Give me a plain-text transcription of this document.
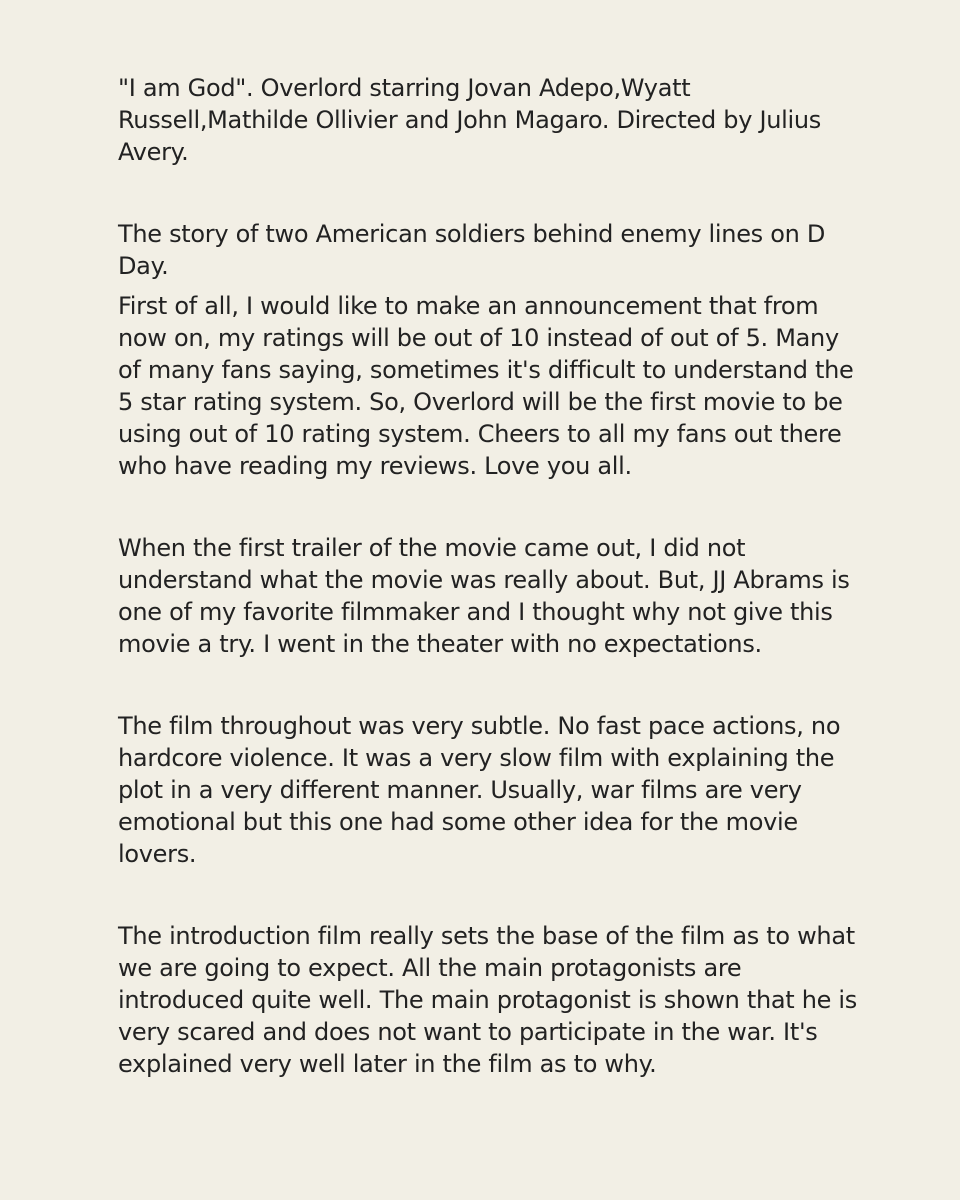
"I am God". Overlord starring Jovan Adepo,Wyatt Russell,Mathilde Ollivier and John Magaro. Directed by Julius Avery.

The story of two American soldiers behind enemy lines on D Day.

First of all, I would like to make an announcement that from now on, my ratings will be out of 10 instead of out of 5. Many of many fans saying, sometimes it's difficult to understand the 5 star rating system. So, Overlord will be the first movie to be using out of 10 rating system. Cheers to all my fans out there who have reading my reviews. Love you all.

When the first trailer of the movie came out, I did not understand what the movie was really about. But, JJ Abrams is one of my favorite filmmaker and I thought why not give this movie a try. I went in the theater with no expectations.

The film throughout was very subtle. No fast pace actions, no hardcore violence. It was a very slow film with explaining the plot in a very different manner. Usually, war films are very emotional but this one had some other idea for the movie lovers.

The introduction film really sets the base of the film as to what we are going to expect. All the main protagonists are introduced quite well. The main protagonist is shown that he is very scared and does not want to participate in the war. It's explained very well later in the film as to why.
